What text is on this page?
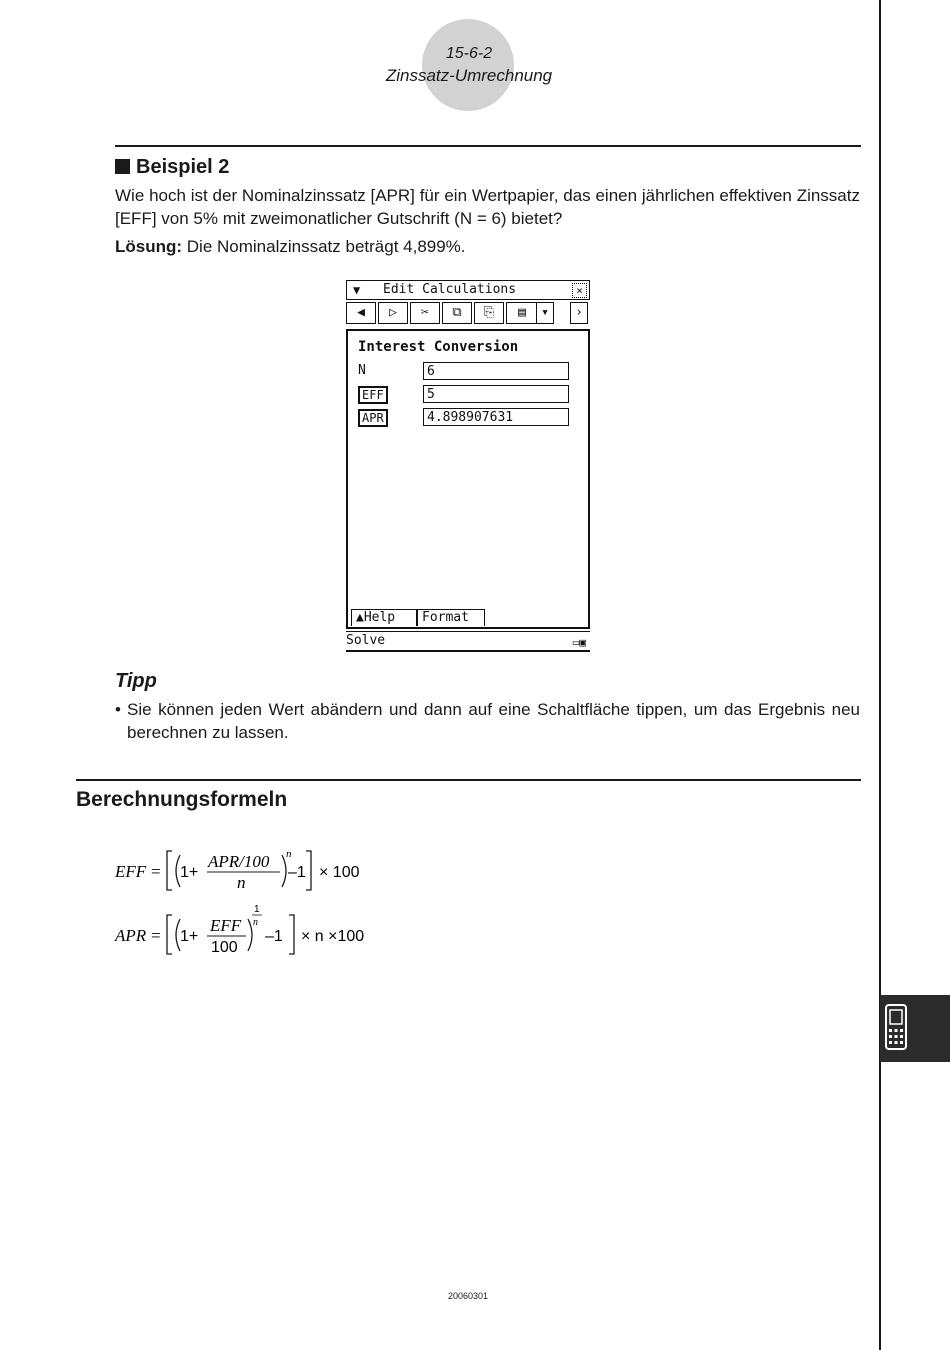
15-6-2
Zinssatz-Umrechnung
Beispiel 2
Wie hoch ist der Nominalzinssatz [APR] für ein Wertpapier, das einen jährlichen effektiven Zinssatz [EFF] von 5% mit zweimonatlicher Gutschrift (N = 6) bietet?
Lösung: Die Nominalzinssatz beträgt 4,899%.
▼ Edit Calculations	×
◀	▷	✂	⧉	⎘	▤	▾	›
Interest Conversion
N	6
EFF	5
APR	4.898907631
▲Help	Format
Solve	▭▣
Tipp
• Sie können jeden Wert abändern und dann auf eine Schaltfläche tippen, um das Ergebnis neu berechnen zu lassen.
Berechnungsformeln
EFF = 1+
APR/100
n
n
–1 × 100
APR = 1+
EFF
100
1
n
–1 × n ×100
20060301
